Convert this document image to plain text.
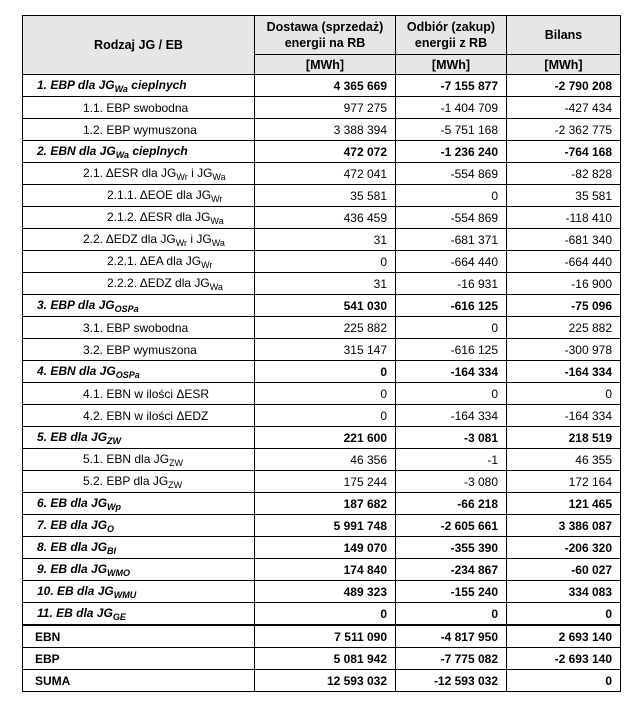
Rodzaj JG / EB	Dostawa (sprzedaż) energii na RB	Odbiór (zakup) energii z RB	Bilans
	[MWh]	[MWh]	[MWh]
1. EBP dla $JG_{Wa}$ cieplnych	4 365 669	-7 155 877	-2 790 208
1.1. EBP swobodna	977 275	-1 404 709	-427 434
1.2. EBP wymuszona	3 388 394	-5 751 168	-2 362 775
2. EBN dla $JG_{Wa}$ cieplnych	472 072	-1 236 240	-764 168
2.1. ΔESR dla $JG_{Wr}$ i $JG_{Wa}$	472 041	-554 869	-82 828
2.1.1. ΔEOE dla $JG_{Wr}$	35 581	0	35 581
2.1.2. ΔESR dla $JG_{Wa}$	436 459	-554 869	-118 410
2.2. ΔEDZ dla $JG_{Wr}$ i $JG_{Wa}$	31	-681 371	-681 340
2.2.1. ΔEA dla $JG_{Wr}$	0	-664 440	-664 440
2.2.2. ΔEDZ dla $JG_{Wa}$	31	-16 931	-16 900
3. EBP dla $JG_{OSPa}$	541 030	-616 125	-75 096
3.1. EBP swobodna	225 882	0	225 882
3.2. EBP wymuszona	315 147	-616 125	-300 978
4. EBN dla $JG_{OSPa}$	0	-164 334	-164 334
4.1. EBN w ilości ΔESR	0	0	0
4.2. EBN w ilości ΔEDZ	0	-164 334	-164 334
5. EB dla $JG_{ZW}$	221 600	-3 081	218 519
5.1. EBN dla $JG_{ZW}$	46 356	-1	46 355
5.2. EBP dla $JG_{ZW}$	175 244	-3 080	172 164
6. EB dla $JG_{Wp}$	187 682	-66 218	121 465
7. EB dla $JG_O$	5 991 748	-2 605 661	3 386 087
8. EB dla $JG_{BI}$	149 070	-355 390	-206 320
9. EB dla $JG_{WMO}$	174 840	-234 867	-60 027
10. EB dla $JG_{WMU}$	489 323	-155 240	334 083
11. EB dla $JG_{GE}$	0	0	0
EBN	7 511 090	-4 817 950	2 693 140
EBP	5 081 942	-7 775 082	-2 693 140
SUMA	12 593 032	-12 593 032	0
